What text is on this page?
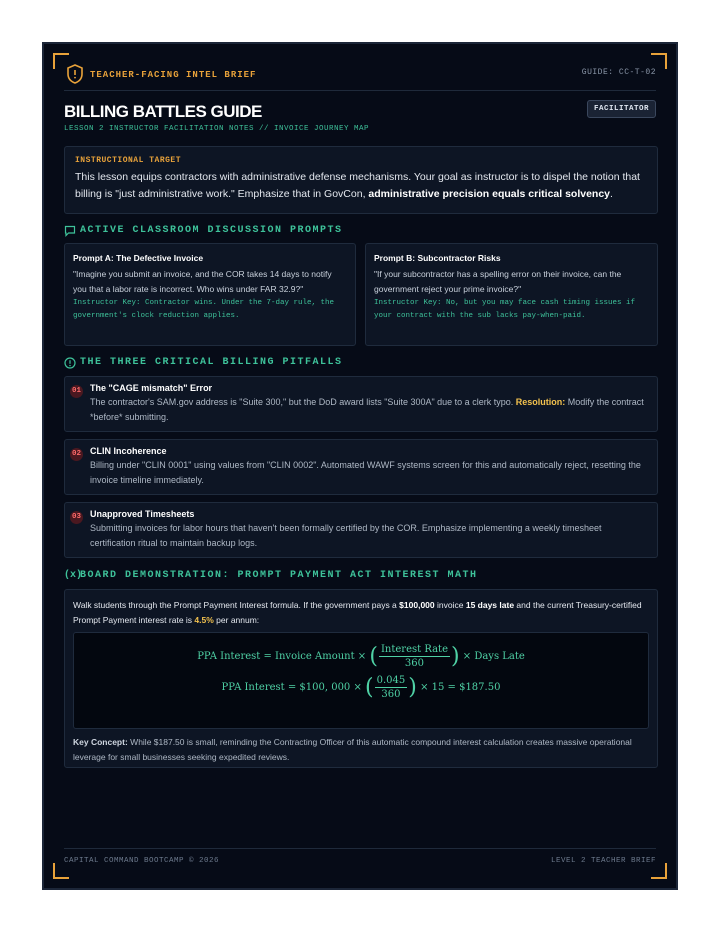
TEACHER-FACING INTEL BRIEF	GUIDE: CC-T-02
BILLING BATTLES GUIDE
LESSON 2 INSTRUCTOR FACILITATION NOTES // INVOICE JOURNEY MAP
FACILITATOR
INSTRUCTIONAL TARGET
This lesson equips contractors with administrative defense mechanisms. Your goal as instructor is to dispel the notion that billing is "just administrative work." Emphasize that in GovCon, administrative precision equals critical solvency.
ACTIVE CLASSROOM DISCUSSION PROMPTS
Prompt A: The Defective Invoice
"Imagine you submit an invoice, and the COR takes 14 days to notify you that a labor rate is incorrect. Who wins under FAR 32.9?"
Instructor Key: Contractor wins. Under the 7-day rule, the government's clock reduction applies.
Prompt B: Subcontractor Risks
"If your subcontractor has a spelling error on their invoice, can the government reject your prime invoice?"
Instructor Key: No, but you may face cash timing issues if your contract with the sub lacks pay-when-paid.
THE THREE CRITICAL BILLING PITFALLS
01 The "CAGE mismatch" Error
The contractor's SAM.gov address is "Suite 300," but the DoD award lists "Suite 300A" due to a clerk typo. Resolution: Modify the contract *before* submitting.
02 CLIN Incoherence
Billing under "CLIN 0001" using values from "CLIN 0002". Automated WAWF systems screen for this and automatically reject, resetting the invoice timeline immediately.
03 Unapproved Timesheets
Submitting invoices for labor hours that haven't been formally certified by the COR. Emphasize implementing a weekly timesheet certification ritual to maintain backup logs.
(x)
BOARD DEMONSTRATION: PROMPT PAYMENT ACT INTEREST MATH
Walk students through the Prompt Payment Interest formula. If the government pays a $100,000 invoice 15 days late and the current Treasury-certified Prompt Payment interest rate is 4.5% per annum:
PPA Interest = Invoice Amount × ( $\frac{\text{Interest Rate}}{360}$ ) × Days Late
PPA Interest = $100, 000 × ( $\frac{0.045}{360}$ ) × 15 = $187.50
Key Concept: While $187.50 is small, reminding the Contracting Officer of this automatic compound interest calculation creates massive operational leverage for small businesses seeking expedited reviews.
CAPITAL COMMAND BOOTCAMP © 2026	LEVEL 2 TEACHER BRIEF
